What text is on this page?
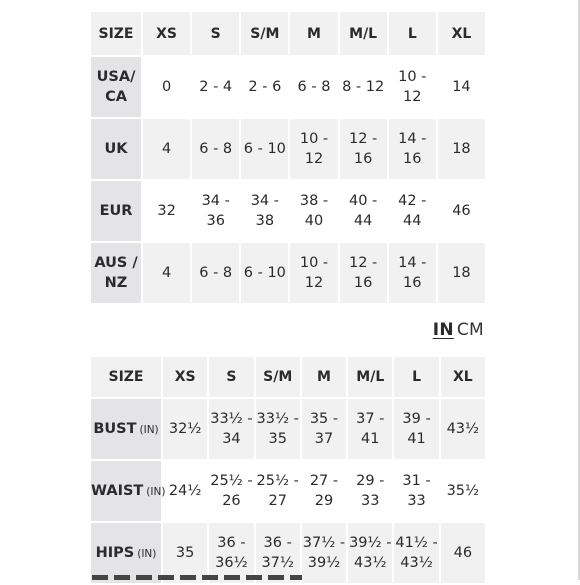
SIZE	XS	S	S/M	M	M/L	L	XL
USA/ CA	0	2 - 4	2 - 6	6 - 8	8 - 12	10 - 12	14
UK	4	6 - 8	6 - 10	10 - 12	12 - 16	14 - 16	18
EUR	32	34 - 36	34 - 38	38 - 40	40 - 44	42 - 44	46
AUS / NZ	4	6 - 8	6 - 10	10 - 12	12 - 16	14 - 16	18
IN CM
SIZE	XS	S	S/M	M	M/L	L	XL
BUST (IN)	32½	33½ - 34	33½ - 35	35 - 37	37 - 41	39 - 41	43½
WAIST (IN)	24½	25½ - 26	25½ - 27	27 - 29	29 - 33	31 - 33	35½
HIPS (IN)	35	36 - 36½	36 - 37½	37½ - 39½	39½ - 43½	41½ - 43½	46
